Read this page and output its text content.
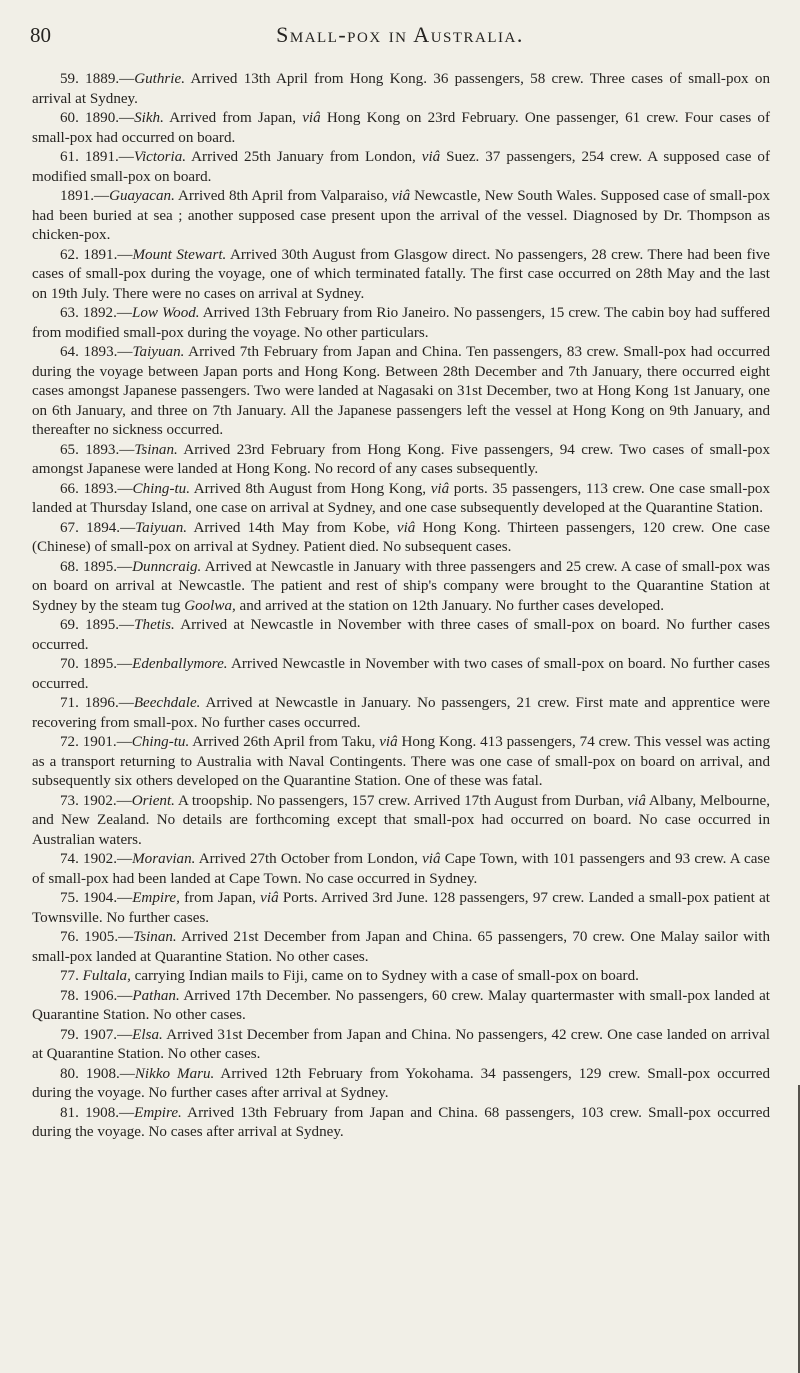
80	Small-pox in Australia.

59. 1889.—Guthrie. Arrived 13th April from Hong Kong. 36 passengers, 58 crew. Three cases of small-pox on arrival at Sydney.

60. 1890.—Sikh. Arrived from Japan, viâ Hong Kong on 23rd February. One passenger, 61 crew. Four cases of small-pox had occurred on board.

61. 1891.—Victoria. Arrived 25th January from London, viâ Suez. 37 passengers, 254 crew. A supposed case of modified small-pox on board.

1891.—Guayacan. Arrived 8th April from Valparaiso, viâ Newcastle, New South Wales. Supposed case of small-pox had been buried at sea ; another supposed case present upon the arrival of the vessel. Diagnosed by Dr. Thompson as chicken-pox.

62. 1891.—Mount Stewart. Arrived 30th August from Glasgow direct. No passengers, 28 crew. There had been five cases of small-pox during the voyage, one of which terminated fatally. The first case occurred on 28th May and the last on 19th July. There were no cases on arrival at Sydney.

63. 1892.—Low Wood. Arrived 13th February from Rio Janeiro. No passengers, 15 crew. The cabin boy had suffered from modified small-pox during the voyage. No other particulars.

64. 1893.—Taiyuan. Arrived 7th February from Japan and China. Ten passengers, 83 crew. Small-pox had occurred during the voyage between Japan ports and Hong Kong. Between 28th December and 7th January, there occurred eight cases amongst Japanese passengers. Two were landed at Nagasaki on 31st December, two at Hong Kong 1st January, one on 6th January, and three on 7th January. All the Japanese passengers left the vessel at Hong Kong on 9th January, and thereafter no sickness occurred.

65. 1893.—Tsinan. Arrived 23rd February from Hong Kong. Five passengers, 94 crew. Two cases of small-pox amongst Japanese were landed at Hong Kong. No record of any cases subsequently.

66. 1893.—Ching-tu. Arrived 8th August from Hong Kong, viâ ports. 35 passengers, 113 crew. One case small-pox landed at Thursday Island, one case on arrival at Sydney, and one case subsequently developed at the Quarantine Station.

67. 1894.—Taiyuan. Arrived 14th May from Kobe, viâ Hong Kong. Thirteen passengers, 120 crew. One case (Chinese) of small-pox on arrival at Sydney. Patient died. No subsequent cases.

68. 1895.—Dunncraig. Arrived at Newcastle in January with three passengers and 25 crew. A case of small-pox was on board on arrival at Newcastle. The patient and rest of ship's company were brought to the Quarantine Station at Sydney by the steam tug Goolwa, and arrived at the station on 12th January. No further cases developed.

69. 1895.—Thetis. Arrived at Newcastle in November with three cases of small-pox on board. No further cases occurred.

70. 1895.—Edenballymore. Arrived Newcastle in November with two cases of small-pox on board. No further cases occurred.

71. 1896.—Beechdale. Arrived at Newcastle in January. No passengers, 21 crew. First mate and apprentice were recovering from small-pox. No further cases occurred.

72. 1901.—Ching-tu. Arrived 26th April from Taku, viâ Hong Kong. 413 passengers, 74 crew. This vessel was acting as a transport returning to Australia with Naval Contingents. There was one case of small-pox on board on arrival, and subsequently six others developed on the Quarantine Station. One of these was fatal.

73. 1902.—Orient. A troopship. No passengers, 157 crew. Arrived 17th August from Durban, viâ Albany, Melbourne, and New Zealand. No details are forthcoming except that small-pox had occurred on board. No case occurred in Australian waters.

74. 1902.—Moravian. Arrived 27th October from London, viâ Cape Town, with 101 passengers and 93 crew. A case of small-pox had been landed at Cape Town. No case occurred in Sydney.

75. 1904.—Empire, from Japan, viâ Ports. Arrived 3rd June. 128 passengers, 97 crew. Landed a small-pox patient at Townsville. No further cases.

76. 1905.—Tsinan. Arrived 21st December from Japan and China. 65 passengers, 70 crew. One Malay sailor with small-pox landed at Quarantine Station. No other cases.

77. Fultala, carrying Indian mails to Fiji, came on to Sydney with a case of small-pox on board.

78. 1906.—Pathan. Arrived 17th December. No passengers, 60 crew. Malay quartermaster with small-pox landed at Quarantine Station. No other cases.

79. 1907.—Elsa. Arrived 31st December from Japan and China. No passengers, 42 crew. One case landed on arrival at Quarantine Station. No other cases.

80. 1908.—Nikko Maru. Arrived 12th February from Yokohama. 34 passengers, 129 crew. Small-pox occurred during the voyage. No further cases after arrival at Sydney.

81. 1908.—Empire. Arrived 13th February from Japan and China. 68 passengers, 103 crew. Small-pox occurred during the voyage. No cases after arrival at Sydney.
